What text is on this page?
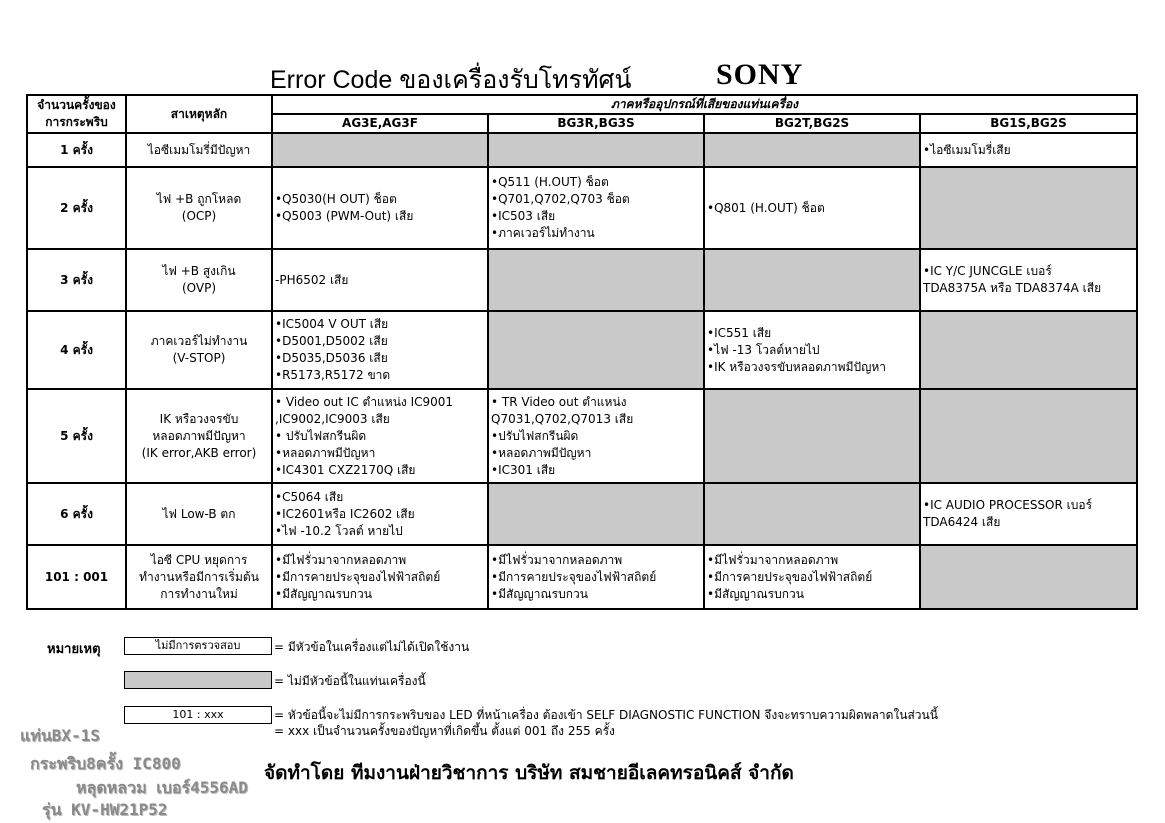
Error Code ของเครื่องรับโทรทัศน์	SONY
จำนวนครั้งของการกระพริบ	สาเหตุหลัก	ภาคหรืออุปกรณ์ที่เสียของแท่นเครื่อง			
		AG3E,AG3F	BG3R,BG3S	BG2T,BG2S	BG1S,BG2S
1 ครั้ง	ไอซีเมมโมรี่มีปัญหา				•ไอซีเมมโมรี่เสีย

2 ครั้ง	ไฟ +B ถูกโหลด
(OCP)	•Q5030(H OUT) ช็อต
•Q5003 (PWM-Out) เสีย	•Q511 (H.OUT) ช็อต
•Q701,Q702,Q703 ช็อต
•IC503 เสีย
•ภาคเวอร์ไม่ทำงาน	•Q801 (H.OUT) ช็อต	

3 ครั้ง	ไฟ +B สูงเกิน
(OVP)	-PH6502 เสีย			•IC Y/C JUNCGLE เบอร์
TDA8375A หรือ TDA8374A เสีย

4 ครั้ง	ภาคเวอร์ไม่ทำงาน
(V-STOP)	•IC5004 V OUT เสีย
•D5001,D5002 เสีย
•D5035,D5036 เสีย
•R5173,R5172 ขาด		•IC551 เสีย
•ไฟ -13 โวลต์หายไป
•IK หรือวงจรขับหลอดภาพมีปัญหา	

5 ครั้ง	IK หรือวงจรขับ
หลอดภาพมีปัญหา
(IK error,AKB error)	• Video out IC ตำแหน่ง IC9001
,IC9002,IC9003 เสีย
• ปรับไฟสกรีนผิด
•หลอดภาพมีปัญหา
•IC4301 CXZ2170Q เสีย	• TR Video out ตำแหน่ง
Q7031,Q702,Q7013 เสีย
•ปรับไฟสกรีนผิด
•หลอดภาพมีปัญหา
•IC301 เสีย		

6 ครั้ง	ไฟ Low-B ตก	•C5064 เสีย
•IC2601หรือ IC2602 เสีย
•ไฟ -10.2 โวลต์ หายไป			•IC AUDIO PROCESSOR เบอร์
TDA6424 เสีย

101 : 001	ไอซี CPU หยุดการ
ทำงานหรือมีการเริ่มต้น
การทำงานใหม่	•มีไฟรั่วมาจากหลอดภาพ
•มีการคายประจุของไฟฟ้าสถิตย์
•มีสัญญาณรบกวน	•มีไฟรั่วมาจากหลอดภาพ
•มีการคายประจุของไฟฟ้าสถิตย์
•มีสัญญาณรบกวน	•มีไฟรั่วมาจากหลอดภาพ
•มีการคายประจุของไฟฟ้าสถิตย์
•มีสัญญาณรบกวน	

หมายเหตุ	ไม่มีการตรวจสอบ	= มีหัวข้อในเครื่องแต่ไม่ได้เปิดใช้งาน
= ไม่มีหัวข้อนี้ในแท่นเครื่องนี้
101 : xxx	= หัวข้อนี้จะไม่มีการกระพริบของ LED ที่หน้าเครื่อง ต้องเข้า SELF DIAGNOSTIC FUNCTION จึงจะทราบความผิดพลาดในส่วนนี้
= xxx เป็นจำนวนครั้งของปัญหาที่เกิดขึ้น ตั้งแต่ 001 ถึง 255 ครั้ง
จัดทำโดย ทีมงานฝ่ายวิชาการ บริษัท สมชายอีเลคทรอนิคส์ จำกัด
แท่นBX-1S
กระพริบ8ครั้ง IC800
หลุดหลวม เบอร์4556AD
รุ่น KV-HW21P52
